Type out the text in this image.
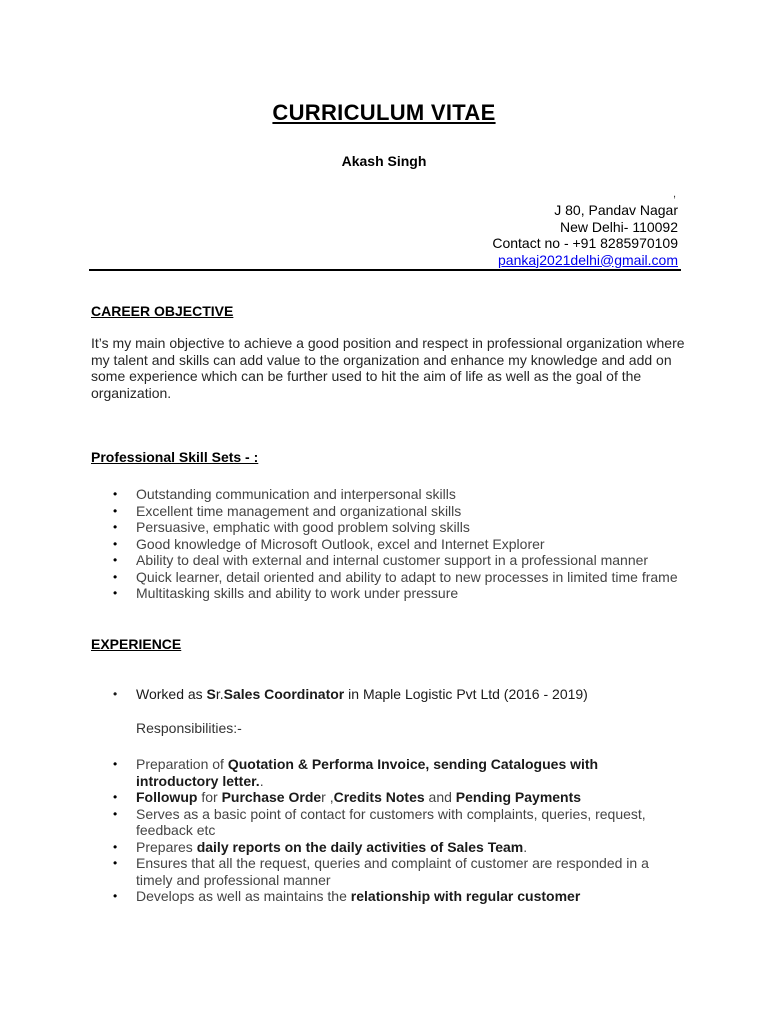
CURRICULUM VITAE
Akash Singh
,
J 80, Pandav Nagar
New Delhi- 110092
Contact no - +91 8285970109
pankaj2021delhi@gmail.com
CAREER OBJECTIVE
It’s my main objective to achieve a good position and respect in professional organization where
my talent and skills can add value to the organization and enhance my knowledge and add on
some experience which can be further used to hit the aim of life as well as the goal of the
organization.
Professional Skill Sets - :
• Outstanding communication and interpersonal skills
• Excellent time management and organizational skills
• Persuasive, emphatic with good problem solving skills
• Good knowledge of Microsoft Outlook, excel and Internet Explorer
• Ability to deal with external and internal customer support in a professional manner
• Quick learner, detail oriented and ability to adapt to new processes in limited time frame
• Multitasking skills and ability to work under pressure
EXPERIENCE
• Worked as Sr.Sales Coordinator in Maple Logistic Pvt Ltd (2016 - 2019)
Responsibilities:-
• Preparation of Quotation & Performa Invoice, sending Catalogues with
introductory letter..
• Followup for Purchase Order ,Credits Notes and Pending Payments
• Serves as a basic point of contact for customers with complaints, queries, request,
feedback etc
• Prepares daily reports on the daily activities of Sales Team.
• Ensures that all the request, queries and complaint of customer are responded in a
timely and professional manner
• Develops as well as maintains the relationship with regular customer
